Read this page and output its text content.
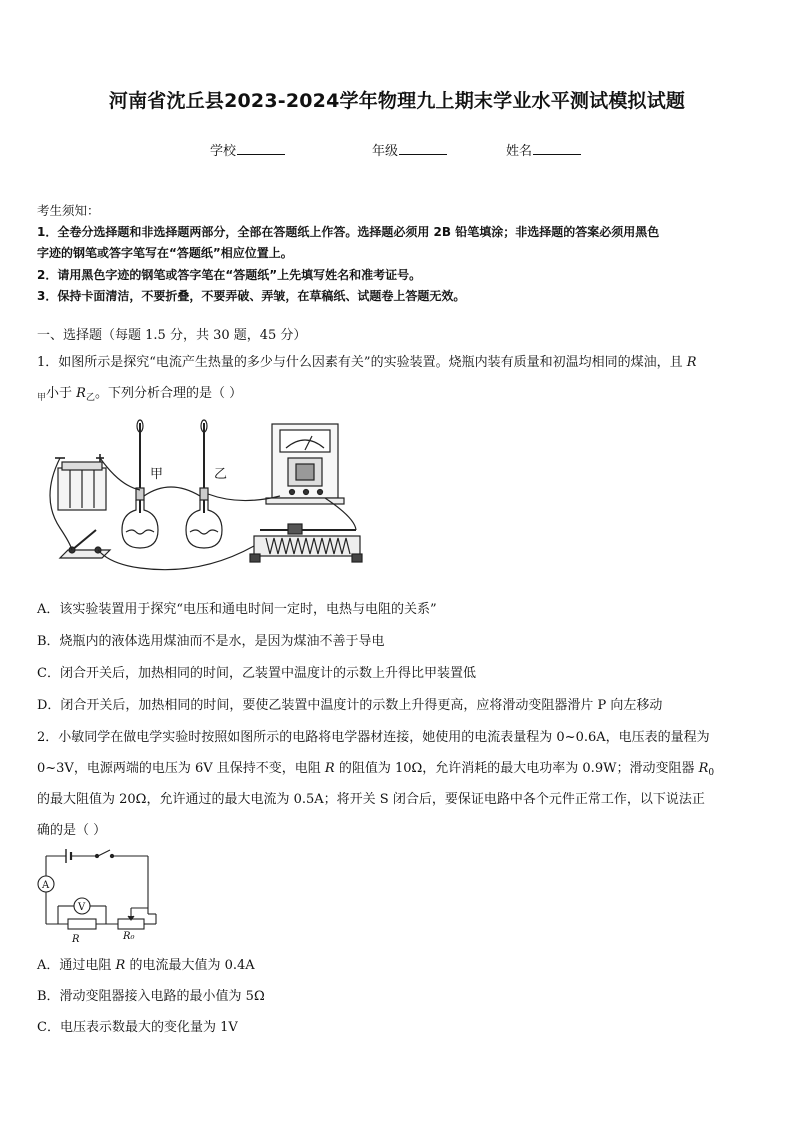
河南省沈丘县2023-2024学年物理九上期末学业水平测试模拟试题
学校	年级	姓名
考生须知：
1．全卷分选择题和非选择题两部分，全部在答题纸上作答。选择题必须用 2B 铅笔填涂；非选择题的答案必须用黑色
字迹的钢笔或答字笔写在“答题纸”相应位置上。
2．请用黑色字迹的钢笔或答字笔在“答题纸”上先填写姓名和准考证号。
3．保持卡面清洁，不要折叠，不要弄破、弄皱，在草稿纸、试题卷上答题无效。
一、选择题（每题 1.5 分，共 30 题，45 分）
1．如图所示是探究“电流产生热量的多少与什么因素有关”的实验装置。烧瓶内装有质量和初温均相同的煤油，且 R
$_甲$小于 $R_乙$。下列分析合理的是（ ）
甲	乙
A．该实验装置用于探究“电压和通电时间一定时，电热与电阻的关系”
B．烧瓶内的液体选用煤油而不是水，是因为煤油不善于导电
C．闭合开关后，加热相同的时间，乙装置中温度计的示数上升得比甲装置低
D．闭合开关后，加热相同的时间，要使乙装置中温度计的示数上升得更高，应将滑动变阻器滑片 P 向左移动
2．小敏同学在做电学实验时按照如图所示的电路将电学器材连接，她使用的电流表量程为 0~0.6A，电压表的量程为
0~3V，电源两端的电压为 6V 且保持不变，电阻 R 的阻值为 10Ω，允许消耗的最大电功率为 0.9W；滑动变阻器 $R_0$
的最大阻值为 20Ω，允许通过的最大电流为 0.5A；将开关 S 闭合后，要保证电路中各个元件正常工作，以下说法正
确的是（ ）
A
V
R	R₀
A．通过电阻 R 的电流最大值为 0.4A
B．滑动变阻器接入电路的最小值为 5Ω
C．电压表示数最大的变化量为 1V
